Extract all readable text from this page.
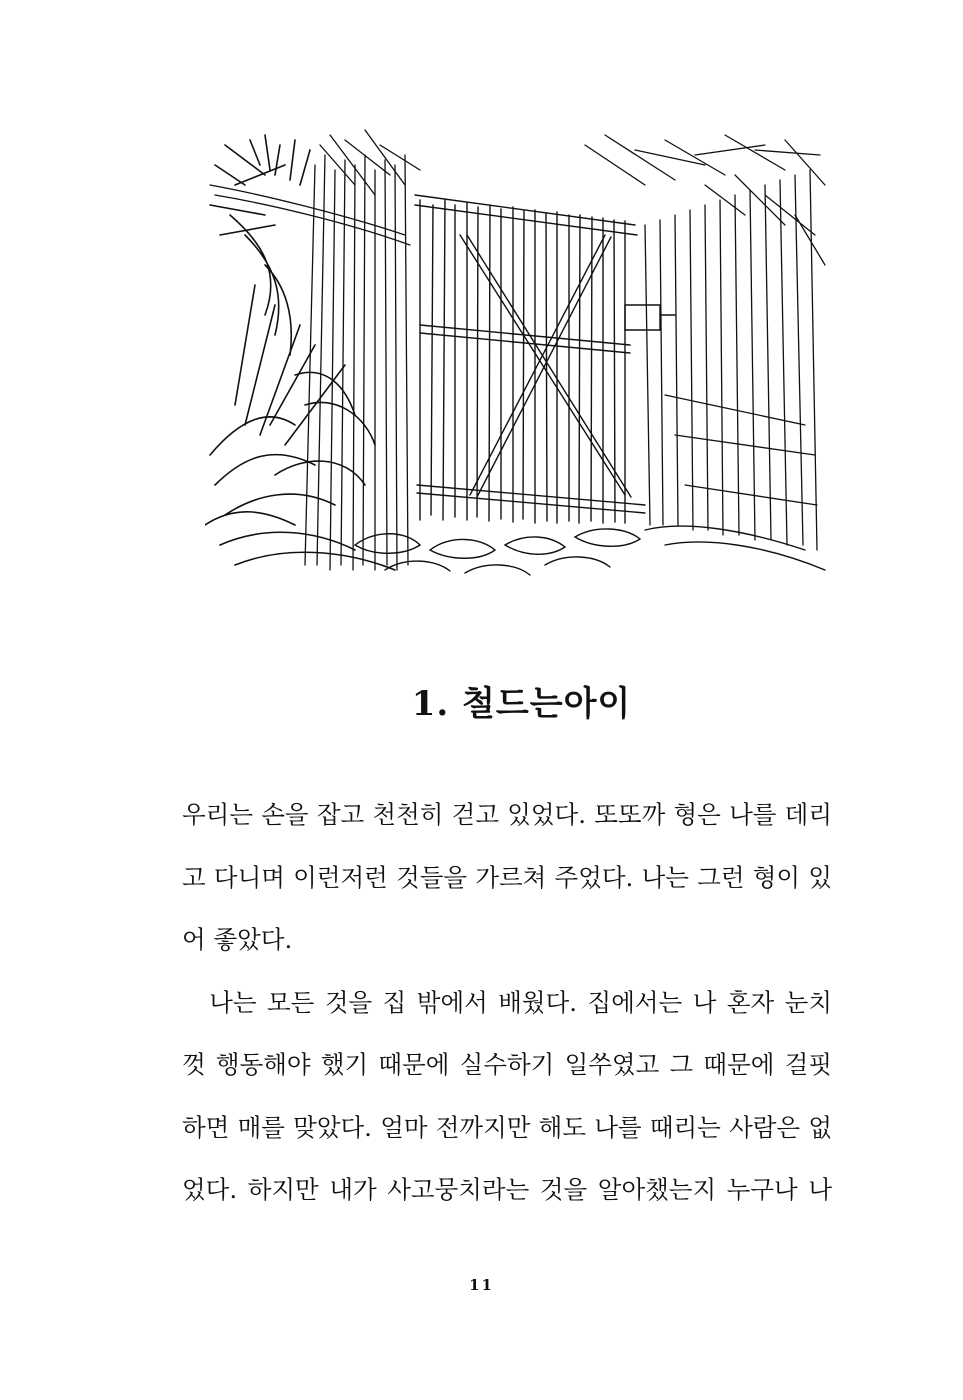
1. 철드는아이
우리는 손을 잡고 천천히 걷고 있었다. 또또까 형은 나를 데리
고 다니며 이런저런 것들을 가르쳐 주었다. 나는 그런 형이 있
어 좋았다.
　나는 모든 것을 집 밖에서 배웠다. 집에서는 나 혼자 눈치
껏 행동해야 했기 때문에 실수하기 일쑤였고 그 때문에 걸핏
하면 매를 맞았다. 얼마 전까지만 해도 나를 때리는 사람은 없
었다. 하지만 내가 사고뭉치라는 것을 알아챘는지 누구나 나
11
